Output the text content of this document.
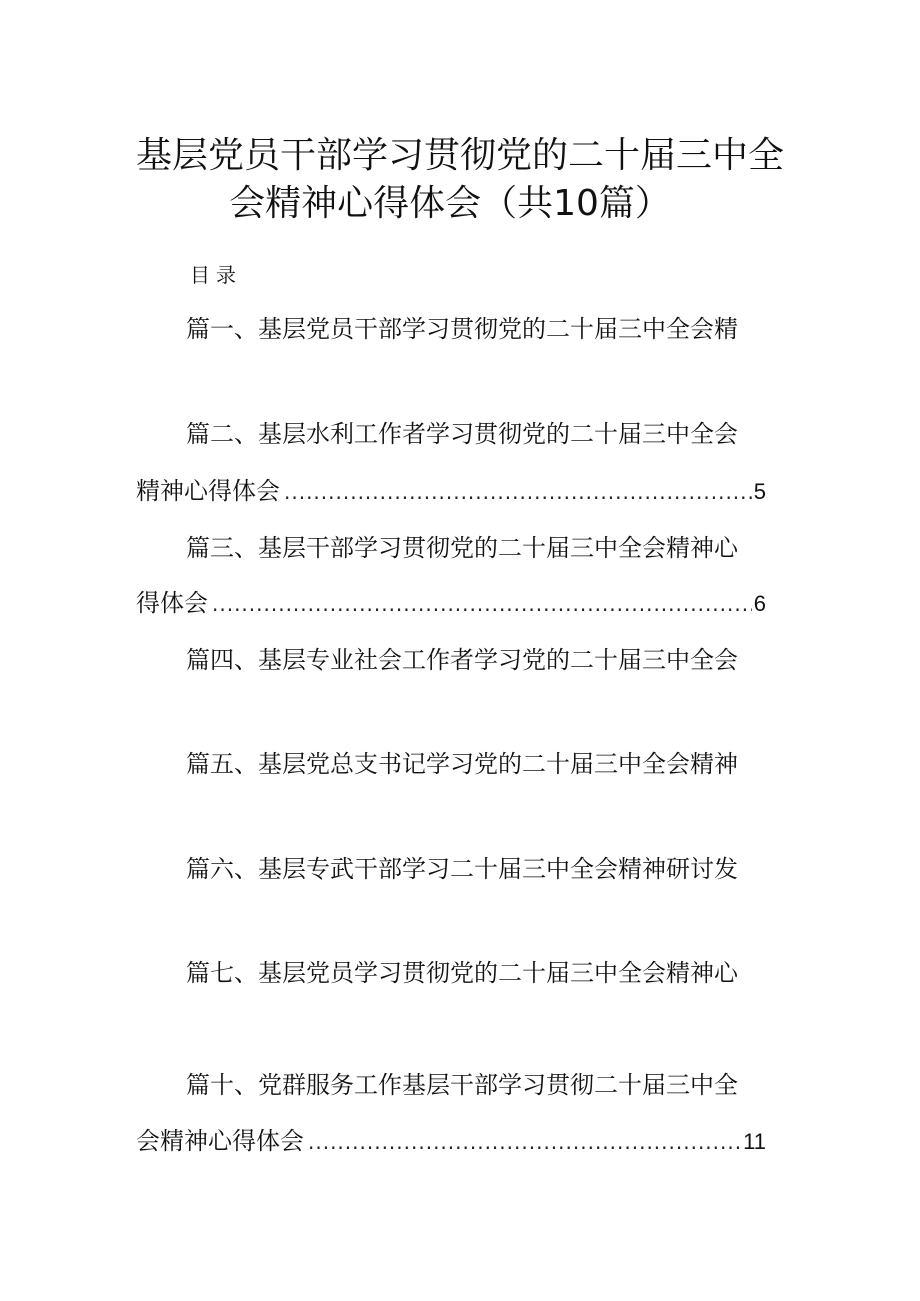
基层党员干部学习贯彻党的二十届三中全
会精神心得体会（共10篇）
目录
篇一、基层党员干部学习贯彻党的二十届三中全会精
篇二、基层水利工作者学习贯彻党的二十届三中全会
精神心得体会 .....	5
篇三、基层干部学习贯彻党的二十届三中全会精神心
得体会 .....	6
篇四、基层专业社会工作者学习党的二十届三中全会
篇五、基层党总支书记学习党的二十届三中全会精神
篇六、基层专武干部学习二十届三中全会精神研讨发
篇七、基层党员学习贯彻党的二十届三中全会精神心
篇十、党群服务工作基层干部学习贯彻二十届三中全
会精神心得体会 .....	11
